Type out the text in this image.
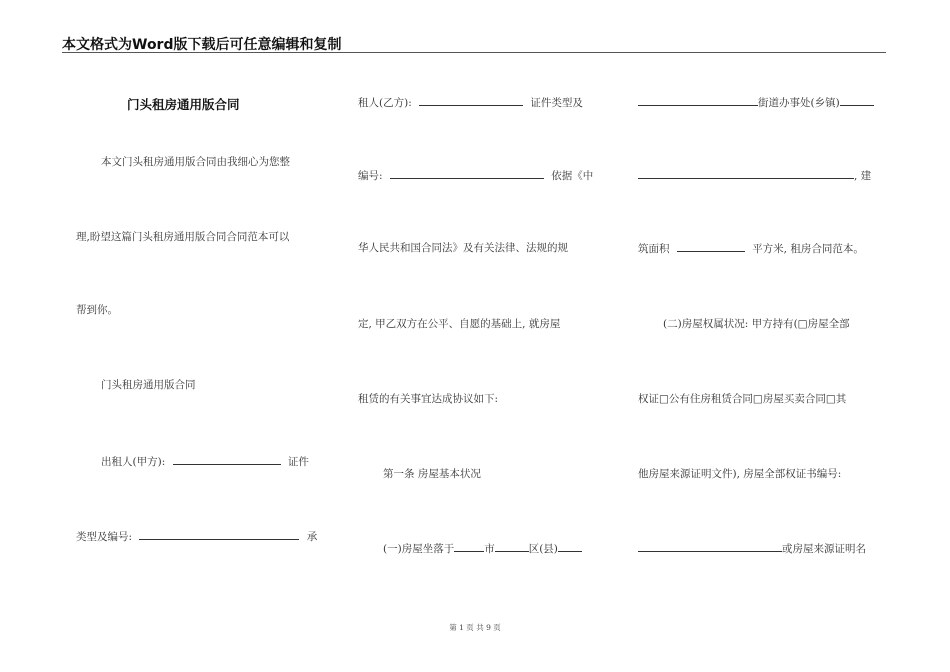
本文格式为Word版下载后可任意编辑和复制
门头租房通用版合同
本文门头租房通用版合同由我细心为您整
理,盼望这篇门头租房通用版合同合同范本可以
帮到你。
门头租房通用版合同
出租人(甲方):	证件
类型及编号:	承
租人(乙方):	证件类型及
编号:	依据《中
华人民共和国合同法》及有关法律、法规的规
定, 甲乙双方在公平、自愿的基础上, 就房屋
租赁的有关事宜达成协议如下:
第一条 房屋基本状况
(一)房屋坐落于	市	区(县)
街道办事处(乡镇)
, 建
筑面积	平方米, 租房合同范本。
(二)房屋权属状况: 甲方持有(□房屋全部
权证□公有住房租赁合同□房屋买卖合同□其
他房屋来源证明文件), 房屋全部权证书编号:
或房屋来源证明名
第 1 页 共 9 页
